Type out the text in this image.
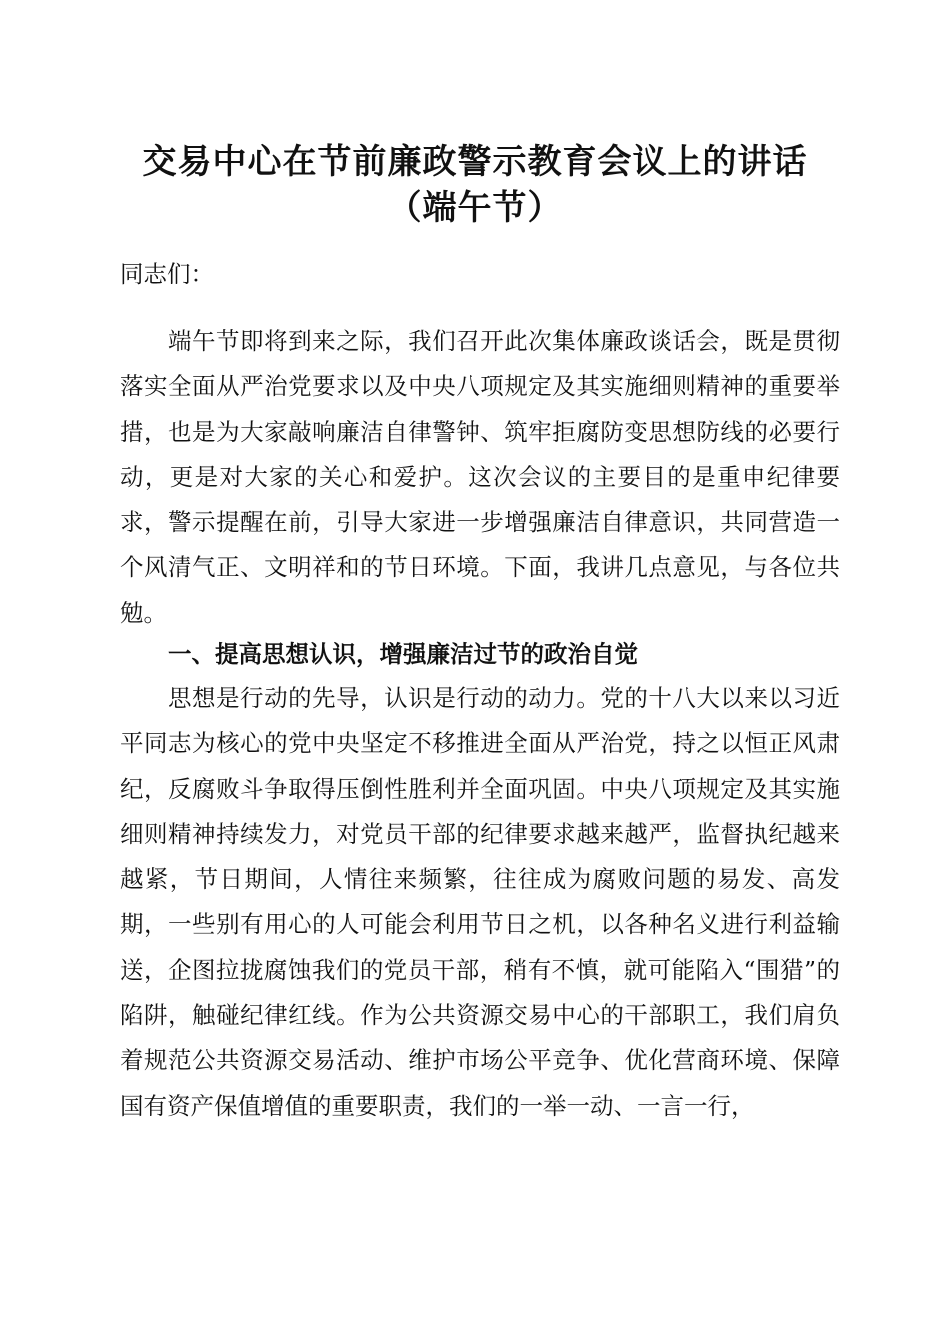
交易中心在节前廉政警示教育会议上的讲话
（端午节）
同志们：
端午节即将到来之际，我们召开此次集体廉政谈话会，既是贯彻落实全面从严治党要求以及中央八项规定及其实施细则精神的重要举措，也是为大家敲响廉洁自律警钟、筑牢拒腐防变思想防线的必要行动，更是对大家的关心和爱护。这次会议的主要目的是重申纪律要求，警示提醒在前，引导大家进一步增强廉洁自律意识，共同营造一个风清气正、文明祥和的节日环境。下面，我讲几点意见，与各位共勉。
一、提高思想认识，增强廉洁过节的政治自觉
思想是行动的先导，认识是行动的动力。党的十八大以来以习近平同志为核心的党中央坚定不移推进全面从严治党，持之以恒正风肃纪，反腐败斗争取得压倒性胜利并全面巩固。中央八项规定及其实施细则精神持续发力，对党员干部的纪律要求越来越严，监督执纪越来越紧，节日期间，人情往来频繁，往往成为腐败问题的易发、高发期，一些别有用心的人可能会利用节日之机，以各种名义进行利益输送，企图拉拢腐蚀我们的党员干部，稍有不慎，就可能陷入“围猎”的陷阱，触碰纪律红线。作为公共资源交易中心的干部职工，我们肩负着规范公共资源交易活动、维护市场公平竞争、优化营商环境、保障国有资产保值增值的重要职责，我们的一举一动、一言一行，
